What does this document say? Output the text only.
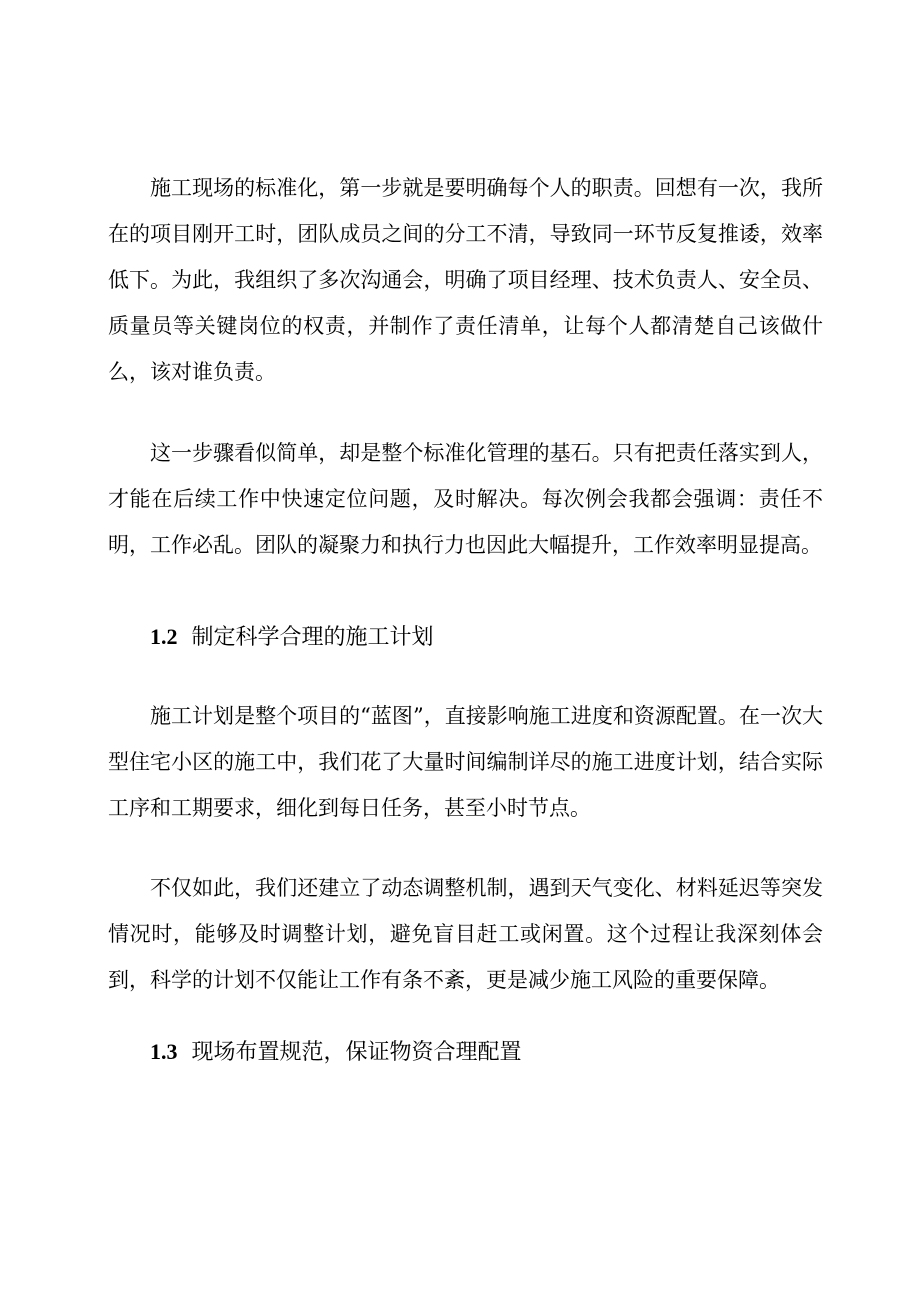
施工现场的标准化，第一步就是要明确每个人的职责。回想有一次，我所在的项目刚开工时，团队成员之间的分工不清，导致同一环节反复推诿，效率低下。为此，我组织了多次沟通会，明确了项目经理、技术负责人、安全员、质量员等关键岗位的权责，并制作了责任清单，让每个人都清楚自己该做什么，该对谁负责。

这一步骤看似简单，却是整个标准化管理的基石。只有把责任落实到人，才能在后续工作中快速定位问题，及时解决。每次例会我都会强调：责任不明，工作必乱。团队的凝聚力和执行力也因此大幅提升，工作效率明显提高。

1.2 制定科学合理的施工计划

施工计划是整个项目的“蓝图”，直接影响施工进度和资源配置。在一次大型住宅小区的施工中，我们花了大量时间编制详尽的施工进度计划，结合实际工序和工期要求，细化到每日任务，甚至小时节点。

不仅如此，我们还建立了动态调整机制，遇到天气变化、材料延迟等突发情况时，能够及时调整计划，避免盲目赶工或闲置。这个过程让我深刻体会到，科学的计划不仅能让工作有条不紊，更是减少施工风险的重要保障。

1.3 现场布置规范，保证物资合理配置
